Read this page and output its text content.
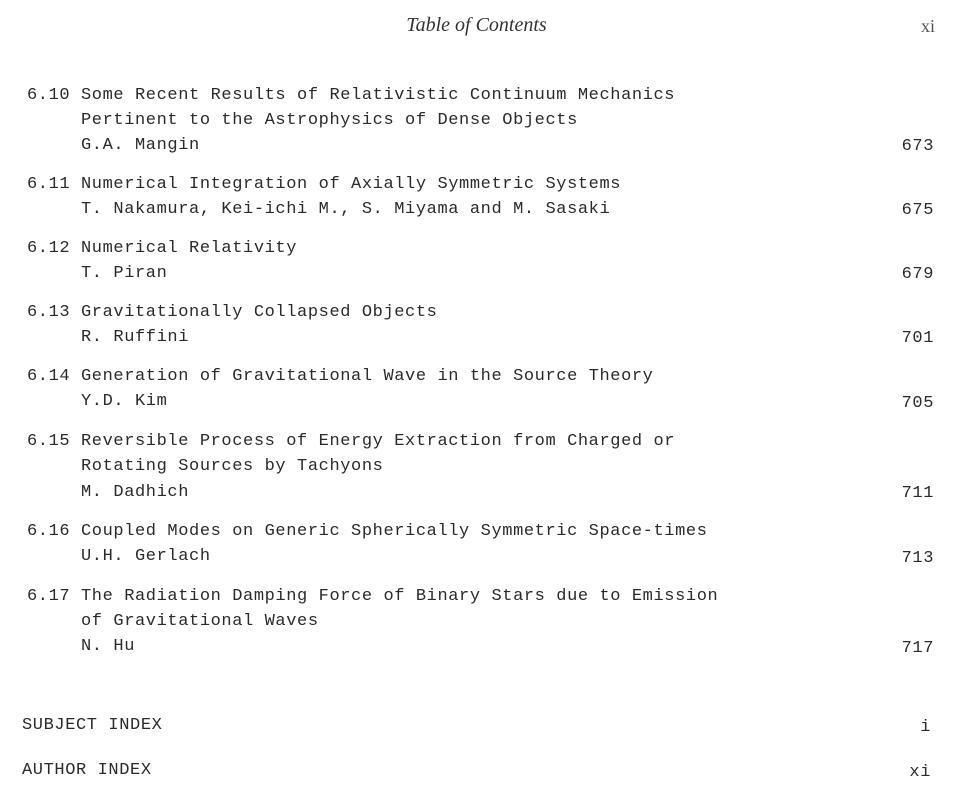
Table of Contents	xi
6.10 Some Recent Results of Relativistic Continuum Mechanics
Pertinent to the Astrophysics of Dense Objects
G.A. Mangin	673
6.11 Numerical Integration of Axially Symmetric Systems
T. Nakamura, Kei-ichi M., S. Miyama and M. Sasaki	675
6.12 Numerical Relativity
T. Piran	679
6.13 Gravitationally Collapsed Objects
R. Ruffini	701
6.14 Generation of Gravitational Wave in the Source Theory
Y.D. Kim	705
6.15 Reversible Process of Energy Extraction from Charged or
Rotating Sources by Tachyons
M. Dadhich	711
6.16 Coupled Modes on Generic Spherically Symmetric Space-times
U.H. Gerlach	713
6.17 The Radiation Damping Force of Binary Stars due to Emission
of Gravitational Waves
N. Hu	717
SUBJECT INDEX	i
AUTHOR INDEX	xi
